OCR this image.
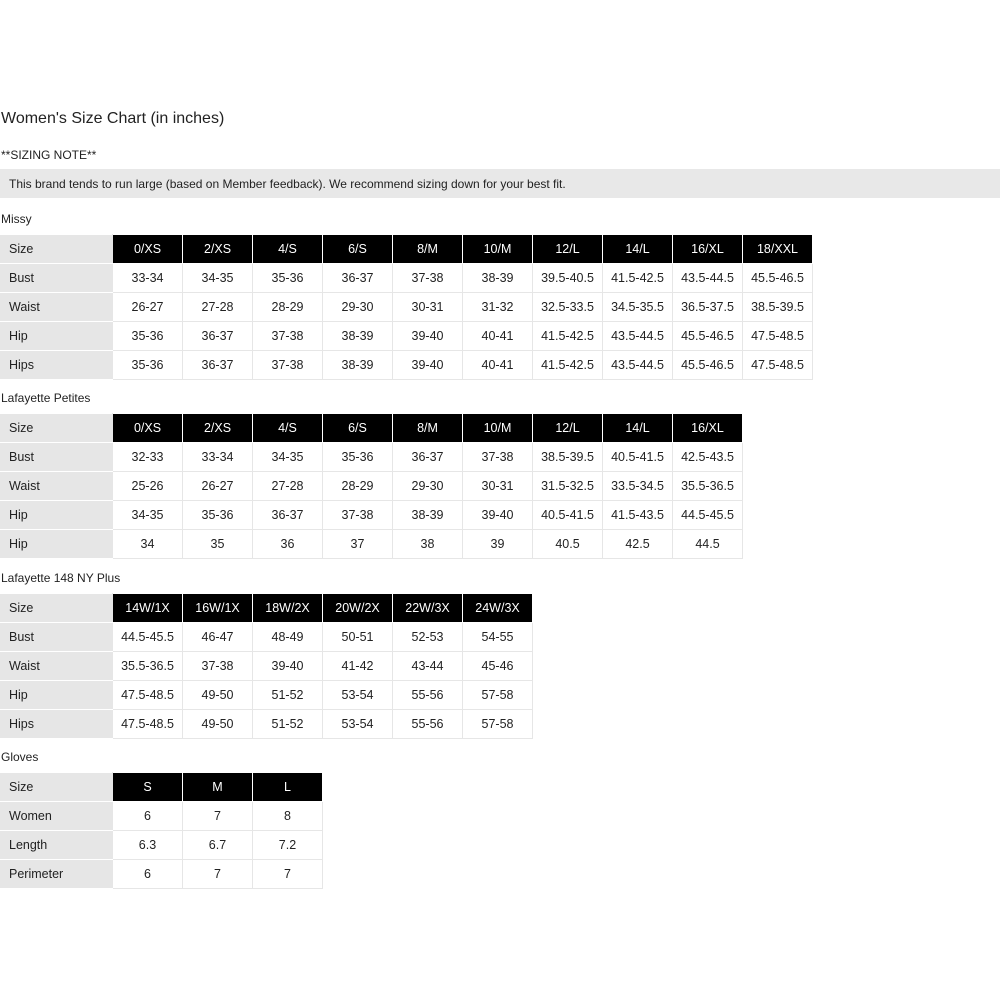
Women's Size Chart (in inches)
**SIZING NOTE**
This brand tends to run large (based on Member feedback). We recommend sizing down for your best fit.
Missy
Size	0/XS	2/XS	4/S	6/S	8/M	10/M	12/L	14/L	16/XL	18/XXL
Bust	33-34	34-35	35-36	36-37	37-38	38-39	39.5-40.5	41.5-42.5	43.5-44.5	45.5-46.5
Waist	26-27	27-28	28-29	29-30	30-31	31-32	32.5-33.5	34.5-35.5	36.5-37.5	38.5-39.5
Hip	35-36	36-37	37-38	38-39	39-40	40-41	41.5-42.5	43.5-44.5	45.5-46.5	47.5-48.5
Hips	35-36	36-37	37-38	38-39	39-40	40-41	41.5-42.5	43.5-44.5	45.5-46.5	47.5-48.5
Lafayette Petites
Size	0/XS	2/XS	4/S	6/S	8/M	10/M	12/L	14/L	16/XL
Bust	32-33	33-34	34-35	35-36	36-37	37-38	38.5-39.5	40.5-41.5	42.5-43.5
Waist	25-26	26-27	27-28	28-29	29-30	30-31	31.5-32.5	33.5-34.5	35.5-36.5
Hip	34-35	35-36	36-37	37-38	38-39	39-40	40.5-41.5	41.5-43.5	44.5-45.5
Hip	34	35	36	37	38	39	40.5	42.5	44.5
Lafayette 148 NY Plus
Size	14W/1X	16W/1X	18W/2X	20W/2X	22W/3X	24W/3X
Bust	44.5-45.5	46-47	48-49	50-51	52-53	54-55
Waist	35.5-36.5	37-38	39-40	41-42	43-44	45-46
Hip	47.5-48.5	49-50	51-52	53-54	55-56	57-58
Hips	47.5-48.5	49-50	51-52	53-54	55-56	57-58
Gloves
Size	S	M	L
Women	6	7	8
Length	6.3	6.7	7.2
Perimeter	6	7	7
